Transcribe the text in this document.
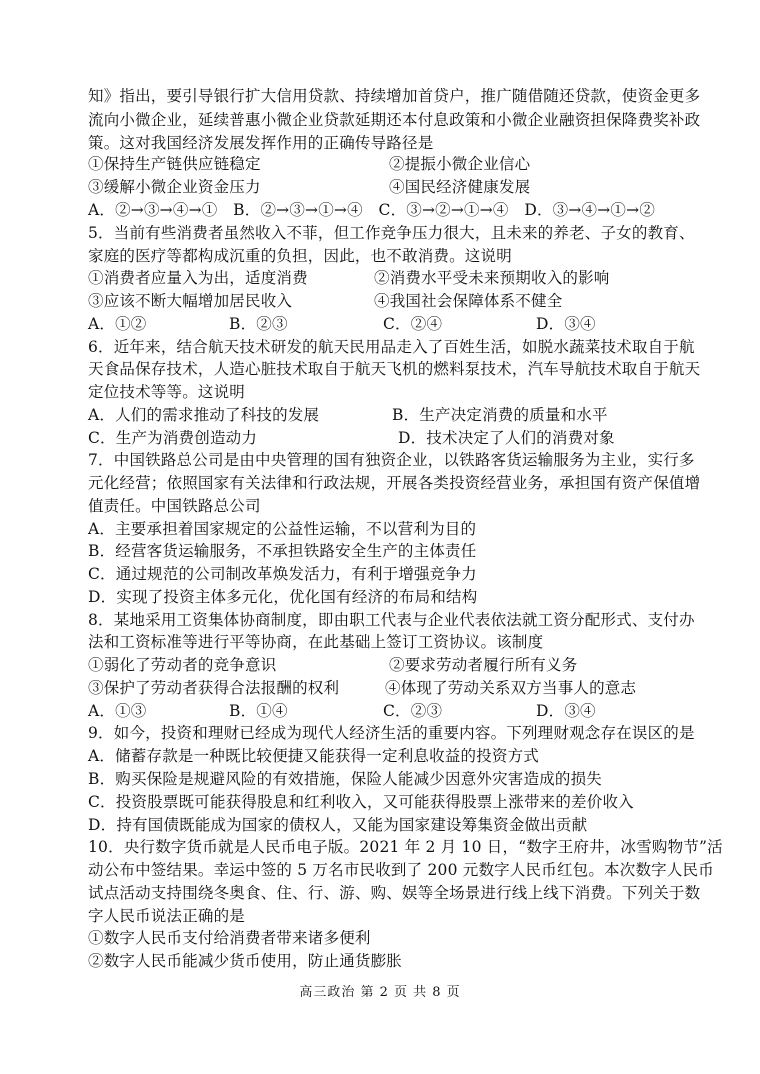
知》指出，要引导银行扩大信用贷款、持续增加首贷户，推广随借随还贷款，使资金更多
流向小微企业，延续普惠小微企业贷款延期还本付息政策和小微企业融资担保降费奖补政
策。这对我国经济发展发挥作用的正确传导路径是
①保持生产链供应链稳定	②提振小微企业信心
③缓解小微企业资金压力	④国民经济健康发展
A．②→③→④→①　B．②→③→①→④　C．③→②→①→④　D．③→④→①→②
5．当前有些消费者虽然收入不菲，但工作竞争压力很大，且未来的养老、子女的教育、
家庭的医疗等都构成沉重的负担，因此，也不敢消费。这说明
①消费者应量入为出，适度消费	②消费水平受未来预期收入的影响
③应该不断大幅增加居民收入	④我国社会保障体系不健全
A．①②	B．②③	C．②④	D．③④
6．近年来，结合航天技术研发的航天民用品走入了百姓生活，如脱水蔬菜技术取自于航
天食品保存技术，人造心脏技术取自于航天飞机的燃料泵技术，汽车导航技术取自于航天
定位技术等等。这说明
A．人们的需求推动了科技的发展	B．生产决定消费的质量和水平
C．生产为消费创造动力	D．技术决定了人们的消费对象
7．中国铁路总公司是由中央管理的国有独资企业，以铁路客货运输服务为主业，实行多
元化经营；依照国家有关法律和行政法规，开展各类投资经营业务，承担国有资产保值增
值责任。中国铁路总公司
A．主要承担着国家规定的公益性运输，不以营利为目的
B．经营客货运输服务，不承担铁路安全生产的主体责任
C．通过规范的公司制改革焕发活力，有利于增强竞争力
D．实现了投资主体多元化，优化国有经济的布局和结构
8．某地采用工资集体协商制度，即由职工代表与企业代表依法就工资分配形式、支付办
法和工资标准等进行平等协商，在此基础上签订工资协议。该制度
①弱化了劳动者的竞争意识	②要求劳动者履行所有义务
③保护了劳动者获得合法报酬的权利	④体现了劳动关系双方当事人的意志
A．①③	B．①④	C．②③	D．③④
9．如今，投资和理财已经成为现代人经济生活的重要内容。下列理财观念存在误区的是
A．储蓄存款是一种既比较便捷又能获得一定利息收益的投资方式
B．购买保险是规避风险的有效措施，保险人能减少因意外灾害造成的损失
C．投资股票既可能获得股息和红利收入，又可能获得股票上涨带来的差价收入
D．持有国债既能成为国家的债权人，又能为国家建设筹集资金做出贡献
10．央行数字货币就是人民币电子版。2021 年 2 月 10 日，“数字王府井，冰雪购物节”活
动公布中签结果。幸运中签的 5 万名市民收到了 200 元数字人民币红包。本次数字人民币
试点活动支持围绕冬奥食、住、行、游、购、娱等全场景进行线上线下消费。下列关于数
字人民币说法正确的是
①数字人民币支付给消费者带来诸多便利
②数字人民币能减少货币使用，防止通货膨胀
高三政治 第 2 页 共 8 页
